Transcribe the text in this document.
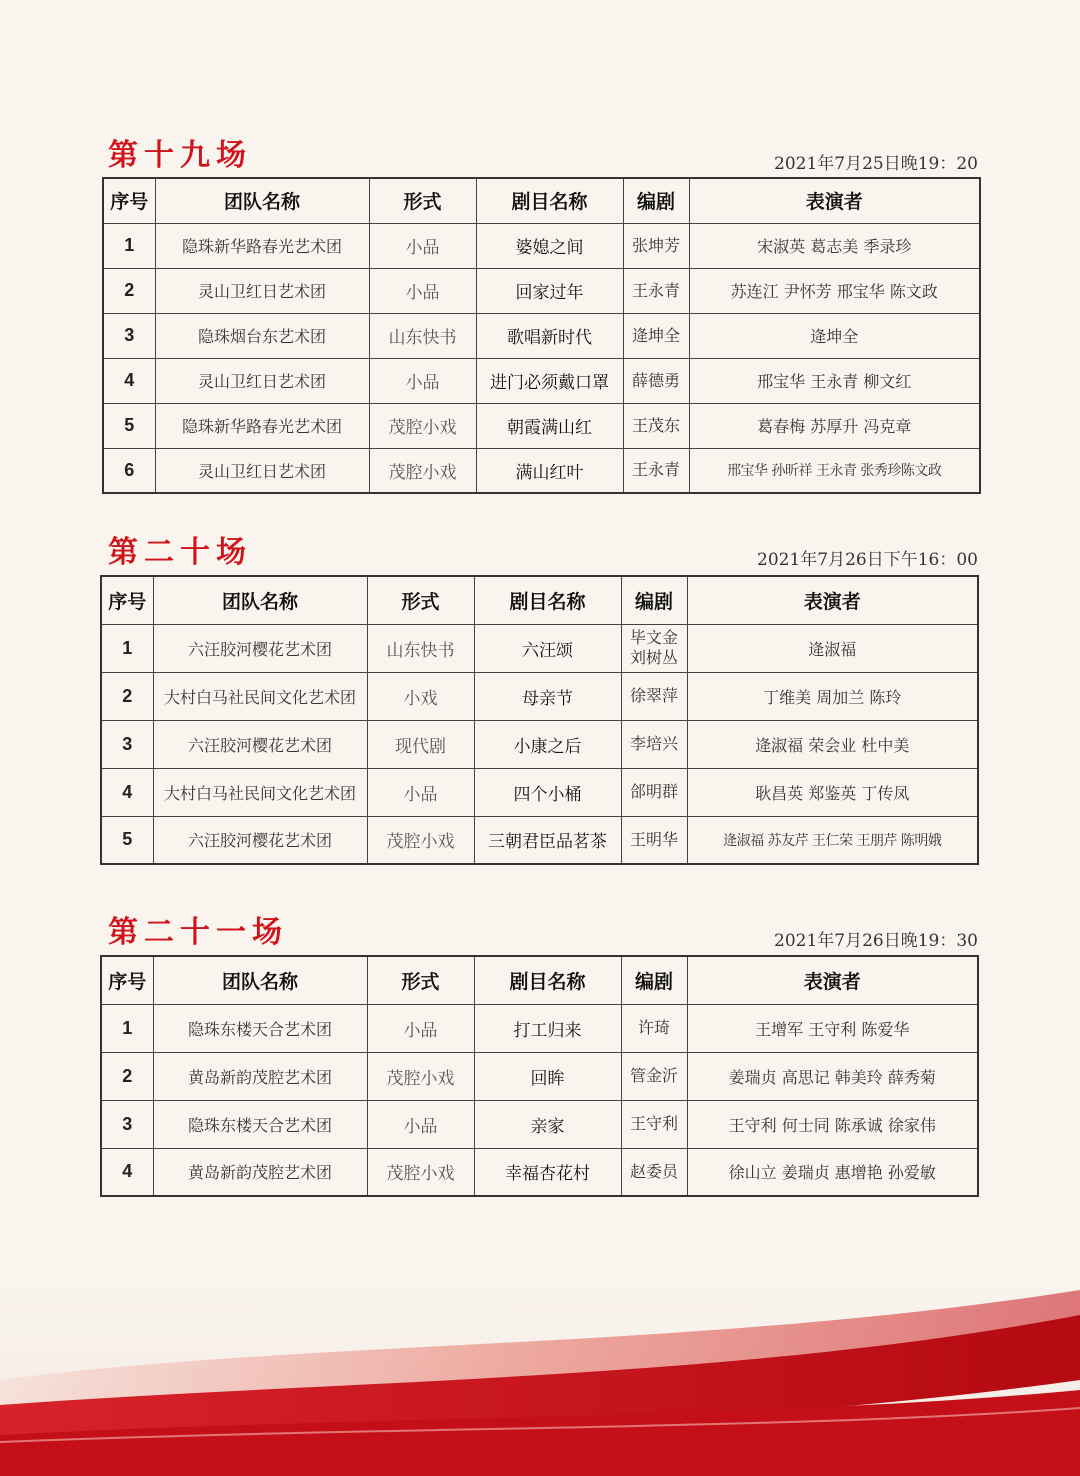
第十九场	2021年7月25日晚19：20
序号	团队名称	形式	剧目名称	编剧	表演者
1	隐珠新华路春光艺术团	小品	婆媳之间	张坤芳	宋淑英 葛志美 季录珍
2	灵山卫红日艺术团	小品	回家过年	王永青	苏连江 尹怀芳 邢宝华 陈文政
3	隐珠烟台东艺术团	山东快书	歌唱新时代	逄坤全	逄坤全
4	灵山卫红日艺术团	小品	进门必须戴口罩	薛德勇	邢宝华 王永青 柳文红
5	隐珠新华路春光艺术团	茂腔小戏	朝霞满山红	王茂东	葛春梅 苏厚升 冯克章
6	灵山卫红日艺术团	茂腔小戏	满山红叶	王永青	邢宝华 孙昕祥 王永青 张秀珍陈文政
第二十场	2021年7月26日下午16：00
序号	团队名称	形式	剧目名称	编剧	表演者
1	六汪胶河樱花艺术团	山东快书	六汪颂	毕文金
刘树丛	逄淑福
2	大村白马社民间文化艺术团	小戏	母亲节	徐翠萍	丁维美 周加兰 陈玲
3	六汪胶河樱花艺术团	现代剧	小康之后	李培兴	逄淑福 荣会业 杜中美
4	大村白马社民间文化艺术团	小品	四个小桶	郃明群	耿昌英 郑鉴英 丁传凤
5	六汪胶河樱花艺术团	茂腔小戏	三朝君臣品茗茶	王明华	逄淑福 苏友芹 王仁荣 王朋芹 陈明娥
第二十一场	2021年7月26日晚19：30
序号	团队名称	形式	剧目名称	编剧	表演者
1	隐珠东楼天合艺术团	小品	打工归来	许琦	王增军 王守利 陈爱华
2	黄岛新韵茂腔艺术团	茂腔小戏	回眸	管金沂	姜瑞贞 高思记 韩美玲 薛秀菊
3	隐珠东楼天合艺术团	小品	亲家	王守利	王守利 何士同 陈承诚 徐家伟
4	黄岛新韵茂腔艺术团	茂腔小戏	幸福杏花村	赵委员	徐山立 姜瑞贞 惠增艳 孙爱敏
